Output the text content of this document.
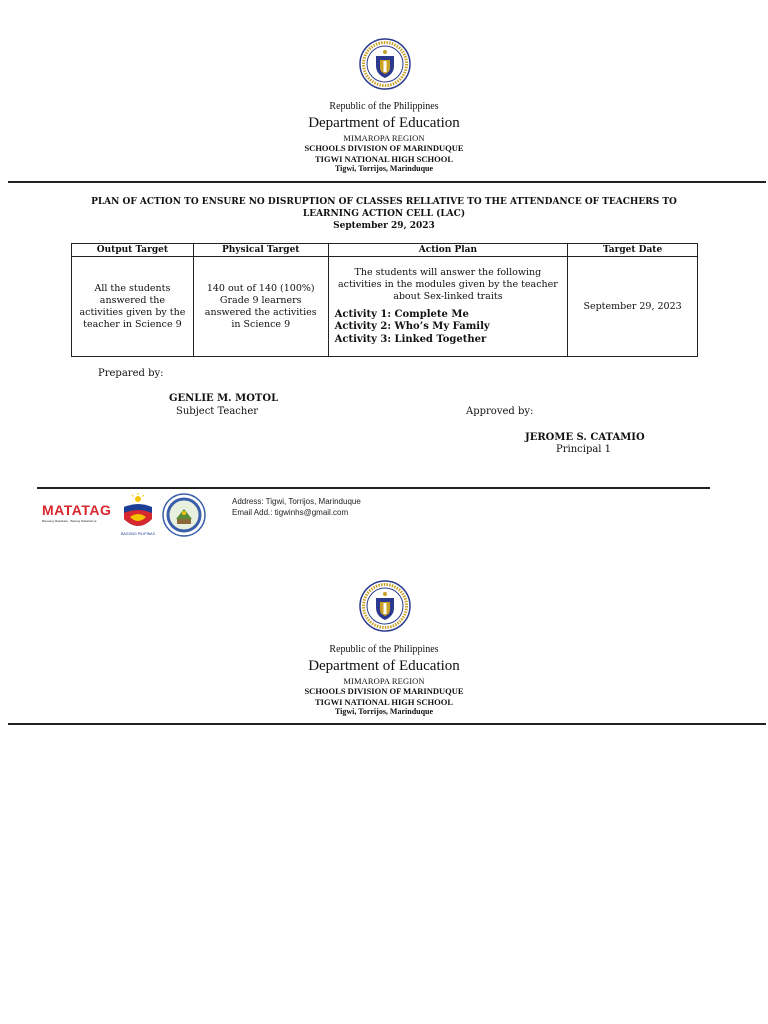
Republic of the Philippines
Department of Education
MIMAROPA REGION
SCHOOLS DIVISION OF MARINDUQUE
TIGWI NATIONAL HIGH SCHOOL
Tigwi, Torrijos, Marinduque
PLAN OF ACTION TO ENSURE NO DISRUPTION OF CLASSES RELLATIVE TO THE ATTENDANCE OF TEACHERS TO
LEARNING ACTION CELL (LAC)
September 29, 2023
Output Target	Physical Target	Action Plan	Target Date
All the students answered the activities given by the teacher in Science 9	140 out of 140 (100%) Grade 9 learners answered the activities in Science 9	The students will answer the following activities in the modules given by the teacher about Sex-linked traits
Activity 1: Complete Me
Activity 2: Who’s My Family
Activity 3: Linked Together	September 29, 2023
Prepared by:
GENLIE M. MOTOL
Subject Teacher	Approved by:
JEROME S. CATAMIO
Principal 1
MATATAG
Bansang Makabata · Batang Makabansa
BAGONG PILIPINAS
Address: Tigwi, Torrijos, Marinduque
Email Add.: tigwinhs@gmail.com
Republic of the Philippines
Department of Education
MIMAROPA REGION
SCHOOLS DIVISION OF MARINDUQUE
TIGWI NATIONAL HIGH SCHOOL
Tigwi, Torrijos, Marinduque
